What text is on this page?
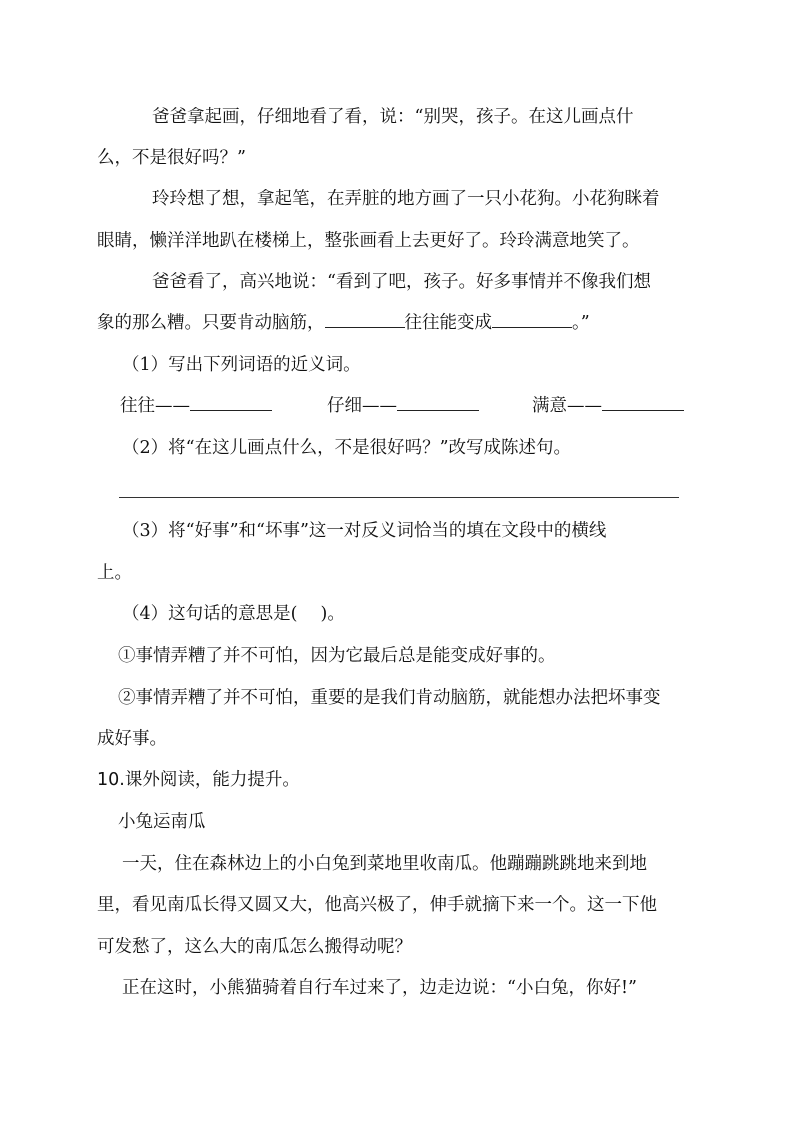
爸爸拿起画，仔细地看了看，说：“别哭，孩子。在这儿画点什
么，不是很好吗？”
玲玲想了想，拿起笔，在弄脏的地方画了一只小花狗。小花狗眯着
眼睛，懒洋洋地趴在楼梯上，整张画看上去更好了。玲玲满意地笑了。
爸爸看了，高兴地说：“看到了吧，孩子。好多事情并不像我们想
象的那么糟。只要肯动脑筋，	往往能变成	。”
（1）写出下列词语的近义词。
往往——	仔细——	满意——
（2）将“在这儿画点什么，不是很好吗？”改写成陈述句。
（3）将“好事”和“坏事”这一对反义词恰当的填在文段中的横线
上。
（4）这句话的意思是(　 )。
①事情弄糟了并不可怕，因为它最后总是能变成好事的。
②事情弄糟了并不可怕，重要的是我们肯动脑筋，就能想办法把坏事变
成好事。
10.课外阅读，能力提升。
小兔运南瓜
一天，住在森林边上的小白兔到菜地里收南瓜。他蹦蹦跳跳地来到地
里，看见南瓜长得又圆又大，他高兴极了，伸手就摘下来一个。这一下他
可发愁了，这么大的南瓜怎么搬得动呢？
正在这时，小熊猫骑着自行车过来了，边走边说：“小白兔，你好!”
